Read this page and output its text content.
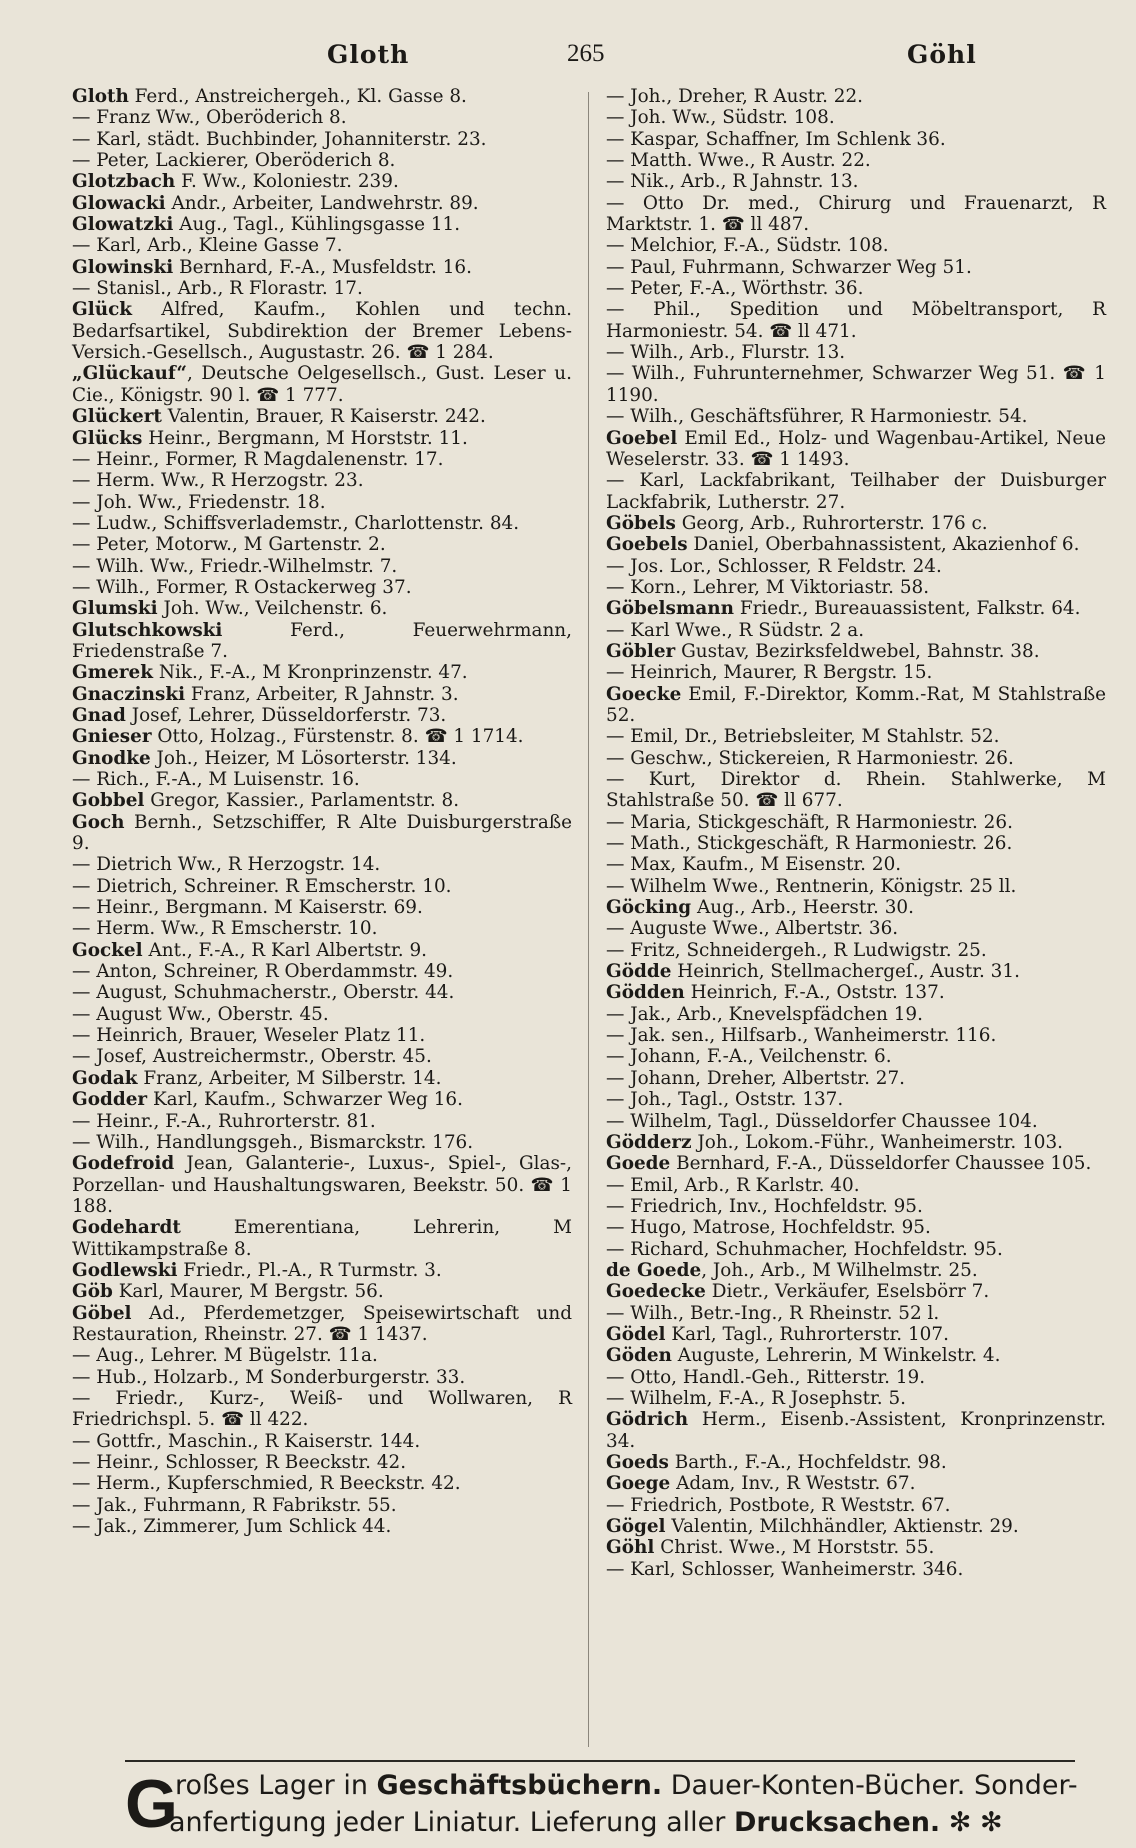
Gloth	265	Göhl

Gloth Ferd., Anstreichergeh., Kl. Gasse 8.

— Franz Ww., Oberöderich 8.

— Karl, städt. Buchbinder, Johanniterstr. 23.

— Peter, Lackierer, Oberöderich 8.

Glotzbach F. Ww., Koloniestr. 239.

Glowacki Andr., Arbeiter, Landwehrstr. 89.

Glowatzki Aug., Tagl., Kühlingsgasse 11.

— Karl, Arb., Kleine Gasse 7.

Glowinski Bernhard, F.-A., Musfeldstr. 16.

— Stanisl., Arb., R Florastr. 17.

Glück Alfred, Kaufm., Kohlen und techn. Bedarfsartikel, Subdirektion der Bremer Lebens-Versich.-Gesellsch., Augustastr. 26. ☎ 1 284.

„Glückauf“, Deutsche Oelgesellsch., Gust. Leser u. Cie., Königstr. 90 l. ☎ 1 777.

Glückert Valentin, Brauer, R Kaiserstr. 242.

Glücks Heinr., Bergmann, M Horststr. 11.

— Heinr., Former, R Magdalenenstr. 17.

— Herm. Ww., R Herzogstr. 23.

— Joh. Ww., Friedenstr. 18.

— Ludw., Schiffsverlademstr., Charlottenstr. 84.

— Peter, Motorw., M Gartenstr. 2.

— Wilh. Ww., Friedr.-Wilhelmstr. 7.

— Wilh., Former, R Ostackerweg 37.

Glumski Joh. Ww., Veilchenstr. 6.

Glutschkowski Ferd., Feuerwehrmann, Friedenstraße 7.

Gmerek Nik., F.-A., M Kronprinzenstr. 47.

Gnaczinski Franz, Arbeiter, R Jahnstr. 3.

Gnad Josef, Lehrer, Düsseldorferstr. 73.

Gnieser Otto, Holzag., Fürstenstr. 8. ☎ 1 1714.

Gnodke Joh., Heizer, M Lösorterstr. 134.

— Rich., F.-A., M Luisenstr. 16.

Gobbel Gregor, Kassier., Parlamentstr. 8.

Goch Bernh., Setzschiffer, R Alte Duisburgerstraße 9.

— Dietrich Ww., R Herzogstr. 14.

— Dietrich, Schreiner. R Emscherstr. 10.

— Heinr., Bergmann. M Kaiserstr. 69.

— Herm. Ww., R Emscherstr. 10.

Gockel Ant., F.-A., R Karl Albertstr. 9.

— Anton, Schreiner, R Oberdammstr. 49.

— August, Schuhmacherstr., Oberstr. 44.

— August Ww., Oberstr. 45.

— Heinrich, Brauer, Weseler Platz 11.

— Josef, Austreichermstr., Oberstr. 45.

Godak Franz, Arbeiter, M Silberstr. 14.

Godder Karl, Kaufm., Schwarzer Weg 16.

— Heinr., F.-A., Ruhrorterstr. 81.

— Wilh., Handlungsgeh., Bismarckstr. 176.

Godefroid Jean, Galanterie-, Luxus-, Spiel-, Glas-, Porzellan- und Haushaltungswaren, Beekstr. 50. ☎ 1 188.

Godehardt Emerentiana, Lehrerin, M Wittikampstraße 8.

Godlewski Friedr., Pl.-A., R Turmstr. 3.

Göb Karl, Maurer, M Bergstr. 56.

Göbel Ad., Pferdemetzger, Speisewirtschaft und Restauration, Rheinstr. 27. ☎ 1 1437.

— Aug., Lehrer. M Bügelstr. 11a.

— Hub., Holzarb., M Sonderburgerstr. 33.

— Friedr., Kurz-, Weiß- und Wollwaren, R Friedrichspl. 5. ☎ ll 422.

— Gottfr., Maschin., R Kaiserstr. 144.

— Heinr., Schlosser, R Beeckstr. 42.

— Herm., Kupferschmied, R Beeckstr. 42.

— Jak., Fuhrmann, R Fabrikstr. 55.

— Jak., Zimmerer, Jum Schlick 44.

— Joh., Dreher, R Austr. 22.

— Joh. Ww., Südstr. 108.

— Kaspar, Schaffner, Im Schlenk 36.

— Matth. Wwe., R Austr. 22.

— Nik., Arb., R Jahnstr. 13.

— Otto Dr. med., Chirurg und Frauenarzt, R Marktstr. 1. ☎ ll 487.

— Melchior, F.-A., Südstr. 108.

— Paul, Fuhrmann, Schwarzer Weg 51.

— Peter, F.-A., Wörthstr. 36.

— Phil., Spedition und Möbeltransport, R Harmoniestr. 54. ☎ ll 471.

— Wilh., Arb., Flurstr. 13.

— Wilh., Fuhrunternehmer, Schwarzer Weg 51. ☎ 1 1190.

— Wilh., Geschäftsführer, R Harmoniestr. 54.

Goebel Emil Ed., Holz- und Wagenbau-Artikel, Neue Weselerstr. 33. ☎ 1 1493.

— Karl, Lackfabrikant, Teilhaber der Duisburger Lackfabrik, Lutherstr. 27.

Göbels Georg, Arb., Ruhrorterstr. 176 c.

Goebels Daniel, Oberbahnassistent, Akazienhof 6.

— Jos. Lor., Schlosser, R Feldstr. 24.

— Korn., Lehrer, M Viktoriastr. 58.

Göbelsmann Friedr., Bureauassistent, Falkstr. 64.

— Karl Wwe., R Südstr. 2 a.

Göbler Gustav, Bezirksfeldwebel, Bahnstr. 38.

— Heinrich, Maurer, R Bergstr. 15.

Goecke Emil, F.-Direktor, Komm.-Rat, M Stahlstraße 52.

— Emil, Dr., Betriebsleiter, M Stahlstr. 52.

— Geschw., Stickereien, R Harmoniestr. 26.

— Kurt, Direktor d. Rhein. Stahlwerke, M Stahlstraße 50. ☎ ll 677.

— Maria, Stickgeschäft, R Harmoniestr. 26.

— Math., Stickgeschäft, R Harmoniestr. 26.

— Max, Kaufm., M Eisenstr. 20.

— Wilhelm Wwe., Rentnerin, Königstr. 25 ll.

Göcking Aug., Arb., Heerstr. 30.

— Auguste Wwe., Albertstr. 36.

— Fritz, Schneidergeh., R Ludwigstr. 25.

Gödde Heinrich, Stellmachergeſ., Austr. 31.

Gödden Heinrich, F.-A., Oststr. 137.

— Jak., Arb., Knevelspfädchen 19.

— Jak. sen., Hilfsarb., Wanheimerstr. 116.

— Johann, F.-A., Veilchenstr. 6.

— Johann, Dreher, Albertstr. 27.

— Joh., Tagl., Oststr. 137.

— Wilhelm, Tagl., Düsseldorfer Chaussee 104.

Gödderz Joh., Lokom.-Führ., Wanheimerstr. 103.

Goede Bernhard, F.-A., Düsseldorfer Chaussee 105.

— Emil, Arb., R Karlstr. 40.

— Friedrich, Inv., Hochfeldstr. 95.

— Hugo, Matrose, Hochfeldstr. 95.

— Richard, Schuhmacher, Hochfeldstr. 95.

de Goede, Joh., Arb., M Wilhelmstr. 25.

Goedecke Dietr., Verkäufer, Eselsbörr 7.

— Wilh., Betr.-Ing., R Rheinstr. 52 l.

Gödel Karl, Tagl., Ruhrorterstr. 107.

Göden Auguste, Lehrerin, M Winkelstr. 4.

— Otto, Handl.-Geh., Ritterstr. 19.

— Wilhelm, F.-A., R Josephstr. 5.

Gödrich Herm., Eisenb.-Assistent, Kronprinzenstr. 34.

Goeds Barth., F.-A., Hochfeldstr. 98.

Goege Adam, Inv., R Weststr. 67.

— Friedrich, Postbote, R Weststr. 67.

Gögel Valentin, Milchhändler, Aktienstr. 29.

Göhl Christ. Wwe., M Horststr. 55.

— Karl, Schlosser, Wanheimerstr. 346.

G
roßes Lager in Geschäftsbüchern. Dauer-Konten-Bücher. Sonder-
anfertigung jeder Liniatur. Lieferung aller Drucksachen. ✻ ✻
